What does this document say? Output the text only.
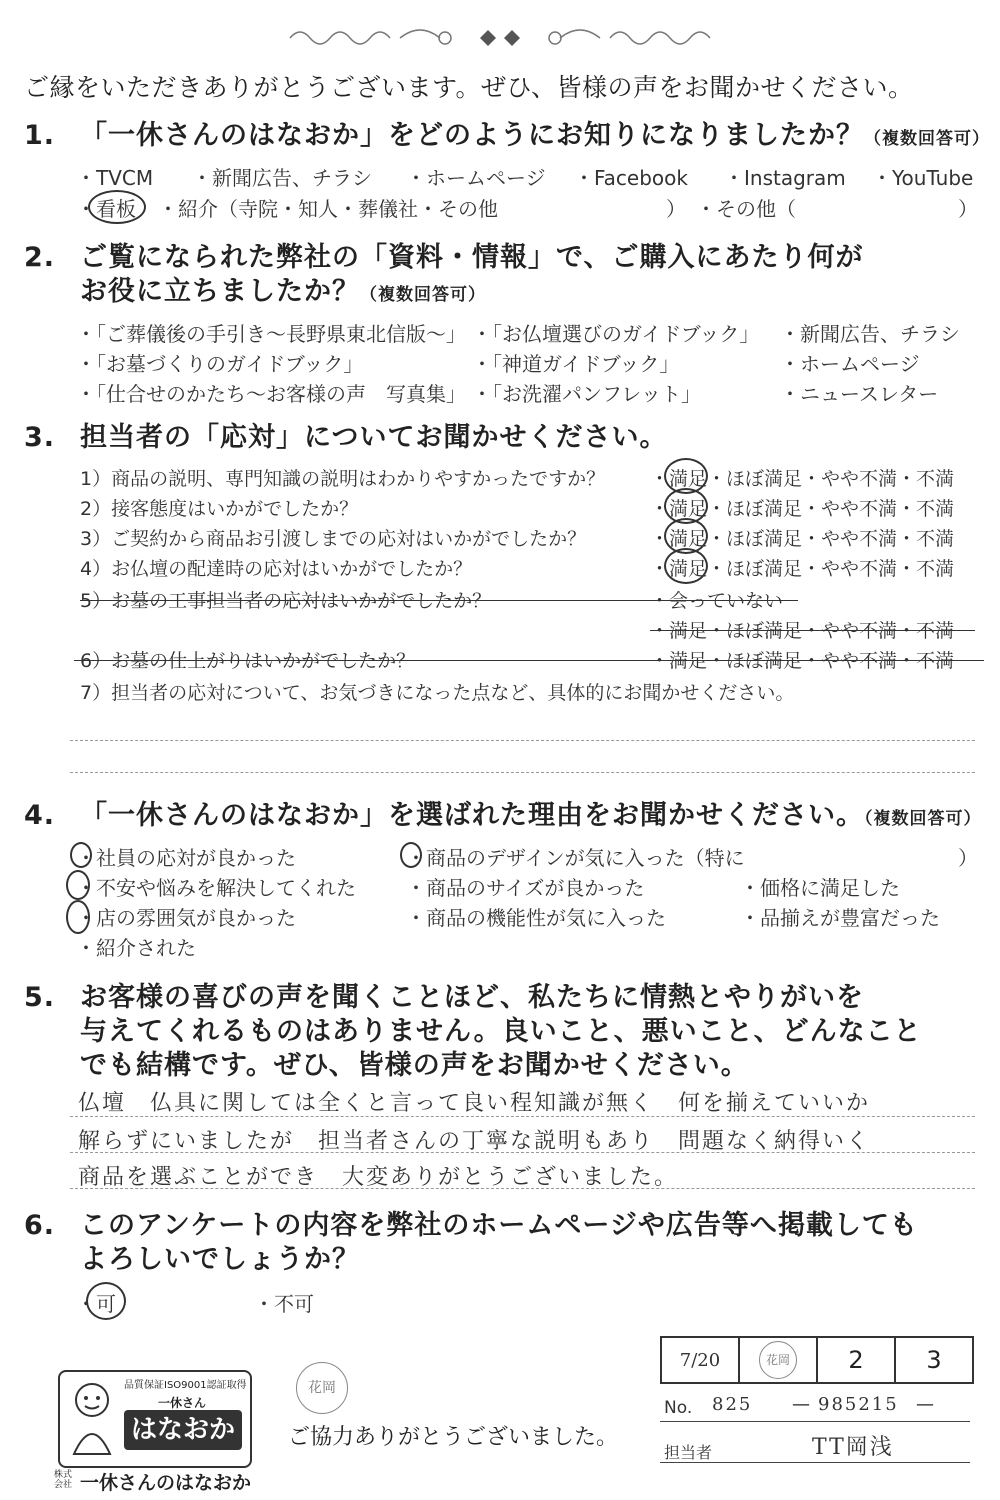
ご縁をいただきありがとうございます。ぜひ、皆様の声をお聞かせください。
1. 「一休さんのはなおか」をどのようにお知りになりましたか？（複数回答可）
・TVCM ・新聞広告、チラシ ・ホームページ ・Facebook ・Instagram ・YouTube
・看板 ・紹介（寺院・知人・葬儀社・その他	） ・その他（	）
2. ご覧になられた弊社の「資料・情報」で、ご購入にあたり何が
お役に立ちましたか？（複数回答可）
・「ご葬儀後の手引き～長野県東北信版～」 ・「お仏壇選びのガイドブック」 ・新聞広告、チラシ
・「お墓づくりのガイドブック」	・「神道ガイドブック」	・ホームページ
・「仕合せのかたち～お客様の声　写真集」 ・「お洗濯パンフレット」	・ニュースレター
3. 担当者の「応対」についてお聞かせください。
1）商品の説明、専門知識の説明はわかりやすかったですか？ ・満足・ほぼ満足・やや不満・不満
2）接客態度はいかがでしたか？	・満足・ほぼ満足・やや不満・不満
3）ご契約から商品お引渡しまでの応対はいかがでしたか？	・満足・ほぼ満足・やや不満・不満
4）お仏壇の配達時の応対はいかがでしたか？	・満足・ほぼ満足・やや不満・不満
5）お墓の工事担当者の応対はいかがでしたか？	・会っていない
・満足・ほぼ満足・やや不満・不満
6）お墓の仕上がりはいかがでしたか？	・満足・ほぼ満足・やや不満・不満
7）担当者の応対について、お気づきになった点など、具体的にお聞かせください。
4. 「一休さんのはなおか」を選ばれた理由をお聞かせください。（複数回答可）
・社員の応対が良かった	・商品のデザインが気に入った（特に	）
・不安や悩みを解決してくれた	・商品のサイズが良かった	・価格に満足した
・店の雰囲気が良かった	・商品の機能性が気に入った	・品揃えが豊富だった
・紹介された
5. お客様の喜びの声を聞くことほど、私たちに情熱とやりがいを
与えてくれるものはありません。良いこと、悪いこと、どんなこと
でも結構です。ぜひ、皆様の声をお聞かせください。
仏壇　仏具に関しては全くと言って良い程知識が無く　何を揃えていいか
解らずにいましたが　担当者さんの丁寧な説明もあり　問題なく納得いく
商品を選ぶことができ　大変ありがとうございました。
6. このアンケートの内容を弊社のホームページや広告等へ掲載しても
よろしいでしょうか？
・可	・不可
7/20	花岡	2	3
No. 825 — 985215 —
担当者	TT岡浅
花岡
ご協力ありがとうございました。
品質保証ISO9001認証取得
一休さん
はなおか
株式会社 一休さんのはなおか
